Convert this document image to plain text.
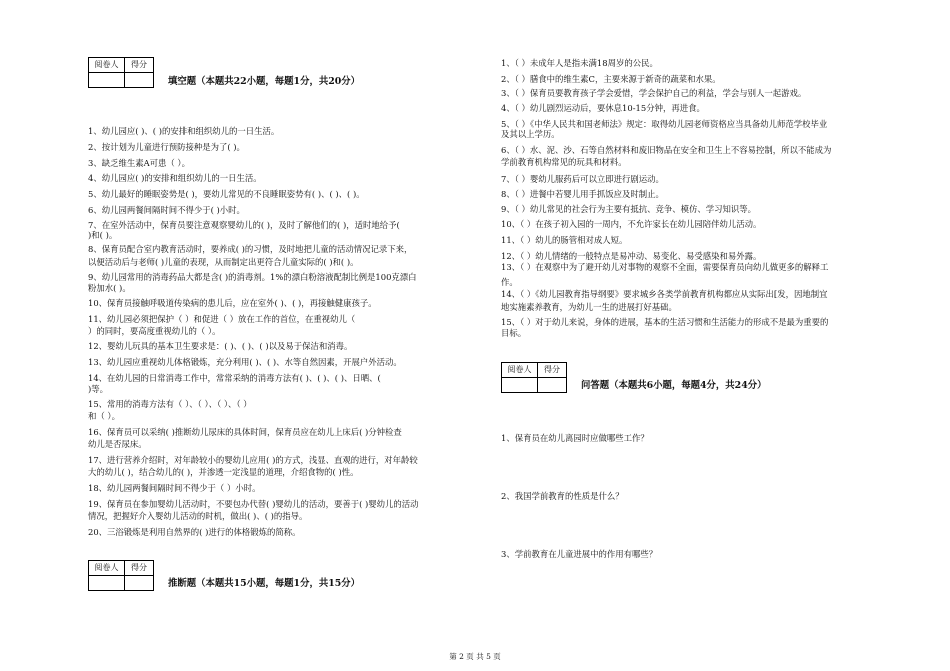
阅卷人	得分
填空题（本题共22小题，每题1分，共20分）
1、幼儿园应( )、( )的安排和组织幼儿的一日生活。
2、按计划为儿童进行预防接种是为了( )。
3、缺乏维生素A可患（ ）。
4、幼儿园应( )的安排和组织幼儿的一日生活。
5、幼儿最好的睡眠姿势是( )，要幼儿常见的不良睡眠姿势有( )、( )、( )。
6、幼儿园两餐间隔时间不得少于( )小时。
7、在室外活动中，保育员要注意观察婴幼儿的( )，及时了解他们的( )，适时地给予(
)和( )。
8、保育员配合室内教育活动时，要养成( )的习惯，及时地把儿童的活动情况记录下来，
以便活动后与老师( )儿童的表现，从而制定出更符合儿童实际的( )和( )。
9、幼儿园常用的消毒药品大都是含( )的消毒剂。1%的漂白粉溶液配制比例是100克漂白
粉加水( )。
10、保育员接触呼吸道传染病的患儿后，应在室外( )、( )，再接触健康孩子。
11、幼儿园必须把保护（ ）和促进（ ）放在工作的首位，在重视幼儿（
）的同时，要高度重视幼儿的（ ）。
12、婴幼儿玩具的基本卫生要求是：( )、( )、( )以及易于保洁和消毒。
13、幼儿园应重视幼儿体格锻炼，充分利用( )、( )、水等自然因素，开展户外活动。
14、在幼儿园的日常消毒工作中，常常采纳的消毒方法有( )、( )、( )、日晒、(
)等。
15、常用的消毒方法有（ ）、（ ）、（ ）、（ ）
和（ ）。
16、保育员可以采纳( )推断幼儿尿床的具体时间，保育员应在幼儿上床后( )分钟检查
幼儿是否尿床。
17、进行营养介绍时，对年龄较小的婴幼儿应用( )的方式，浅显、直观的进行，对年龄较
大的幼儿( )，结合幼儿的( )，并渗透一定浅显的道理，介绍食物的( )性。
18、幼儿园两餐间隔时间不得少于（ ）小时。
19、保育员在参加婴幼儿活动时，不要包办代替( )婴幼儿的活动，要善于( )婴幼儿的活动
情况，把握好介入婴幼儿活动的时机，做出( )、( )的指导。
20、三浴锻炼是利用自然界的( )进行的体格锻炼的简称。
阅卷人	得分
推断题（本题共15小题，每题1分，共15分）
1、（ ）未成年人是指未满18周岁的公民。
2、（ ）膳食中的维生素C，主要来源于新奇的蔬菜和水果。
3、（ ）保育员要教育孩子学会爱惜，学会保护自己的利益，学会与别人一起游戏。
4、（ ）幼儿剧烈运动后，要休息10-15分钟，再进食。
5、（ ）《中华人民共和国老师法》规定：取得幼儿园老师资格应当具备幼儿师范学校毕业
及其以上学历。
6、（ ）水、泥、沙、石等自然材料和废旧物品在安全和卫生上不容易控制，所以不能成为
学前教育机构常见的玩具和材料。
7、（ ）婴幼儿服药后可以立即进行剧运动。
8、（ ）进餐中若婴儿用手抓饭应及时制止。
9、（ ）幼儿常见的社会行为主要有抵抗、竞争、模仿、学习知识等。
10、（ ）在孩子初入园的一周内，不允许家长在幼儿园陪伴幼儿活动。
11、（ ）幼儿的肠管相对成人短。
12、（ ）幼儿情绪的一般特点是易冲动、易变化、易受感染和易外露。
13、（ ）在观察中为了避开幼儿对事物的观察不全面，需要保育员向幼儿做更多的解释工
作。
14、（ ）《幼儿园教育指导纲要》要求城乡各类学前教育机构都应从实际出[发，因地制宜
地实施素养教育，为幼儿一生的进展打好基础。
15、（ ）对于幼儿来说，身体的进展，基本的生活习惯和生活能力的形成不是最为重要的
目标。
阅卷人	得分
问答题（本题共6小题，每题4分，共24分）
1、保育员在幼儿离园时应做哪些工作？
2、我国学前教育的性质是什么？
3、学前教育在儿童进展中的作用有哪些？
第 2 页 共 5 页
